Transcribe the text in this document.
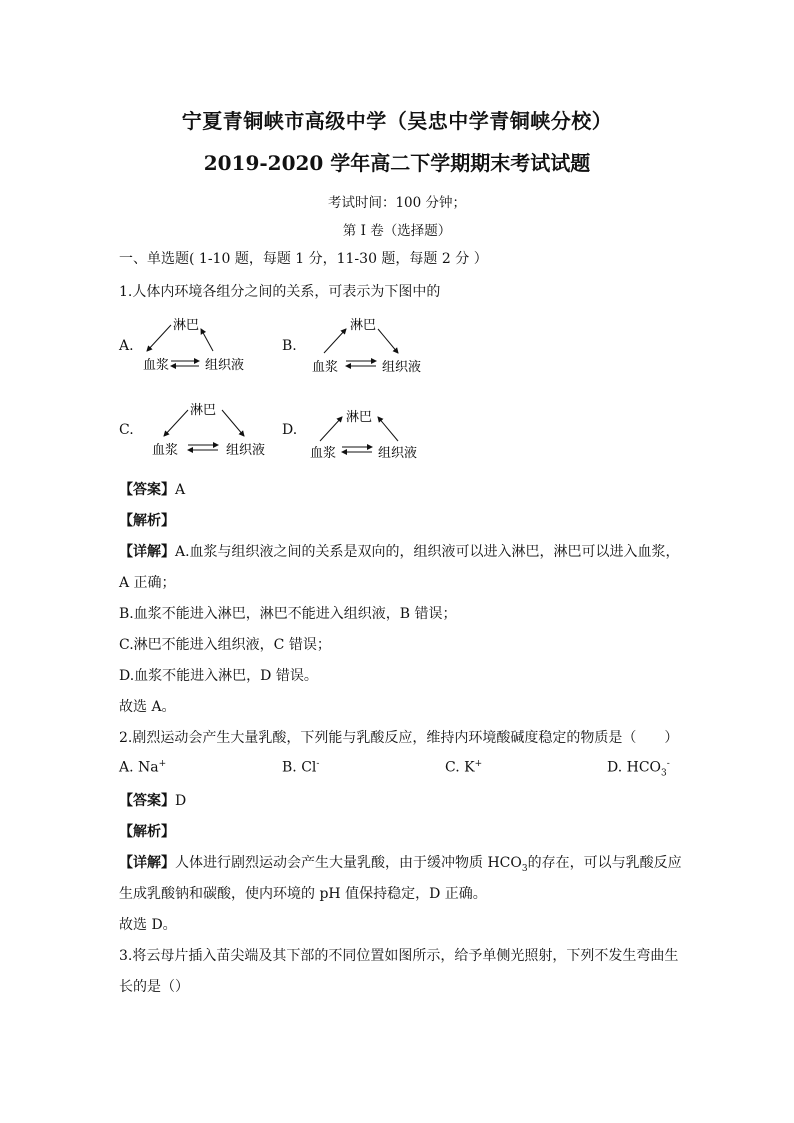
宁夏青铜峡市高级中学（吴忠中学青铜峡分校）
2019-2020 学年高二下学期期末考试试题
考试时间：100 分钟；
第 I 卷（选择题）
一、单选题( 1-10 题，每题 1 分，11-30 题，每题 2 分 ）
1.人体内环境各组分之间的关系，可表示为下图中的
A.
淋巴
血浆	组织液
B.
淋巴
血浆	组织液
C.
淋巴
血浆	组织液
D.
淋巴
血浆	组织液
【答案】A
【解析】
【详解】A.血浆与组织液之间的关系是双向的，组织液可以进入淋巴，淋巴可以进入血浆，
A 正确；
B.血浆不能进入淋巴，淋巴不能进入组织液，B 错误；
C.淋巴不能进入组织液，C 错误；
D.血浆不能进入淋巴，D 错误。
故选 A。
2.剧烈运动会产生大量乳酸，下列能与乳酸反应，维持内环境酸碱度稳定的物质是（　　）
A. Na+	B. Cl-	C. K+	D. $HCO_3^-$
【答案】D
【解析】
【详解】人体进行剧烈运动会产生大量乳酸，由于缓冲物质 $HCO_3$的存在，可以与乳酸反应
生成乳酸钠和碳酸，使内环境的 pH 值保持稳定，D 正确。
故选 D。
3.将云母片插入苗尖端及其下部的不同位置如图所示，给予单侧光照射，下列不发生弯曲生
长的是（）
